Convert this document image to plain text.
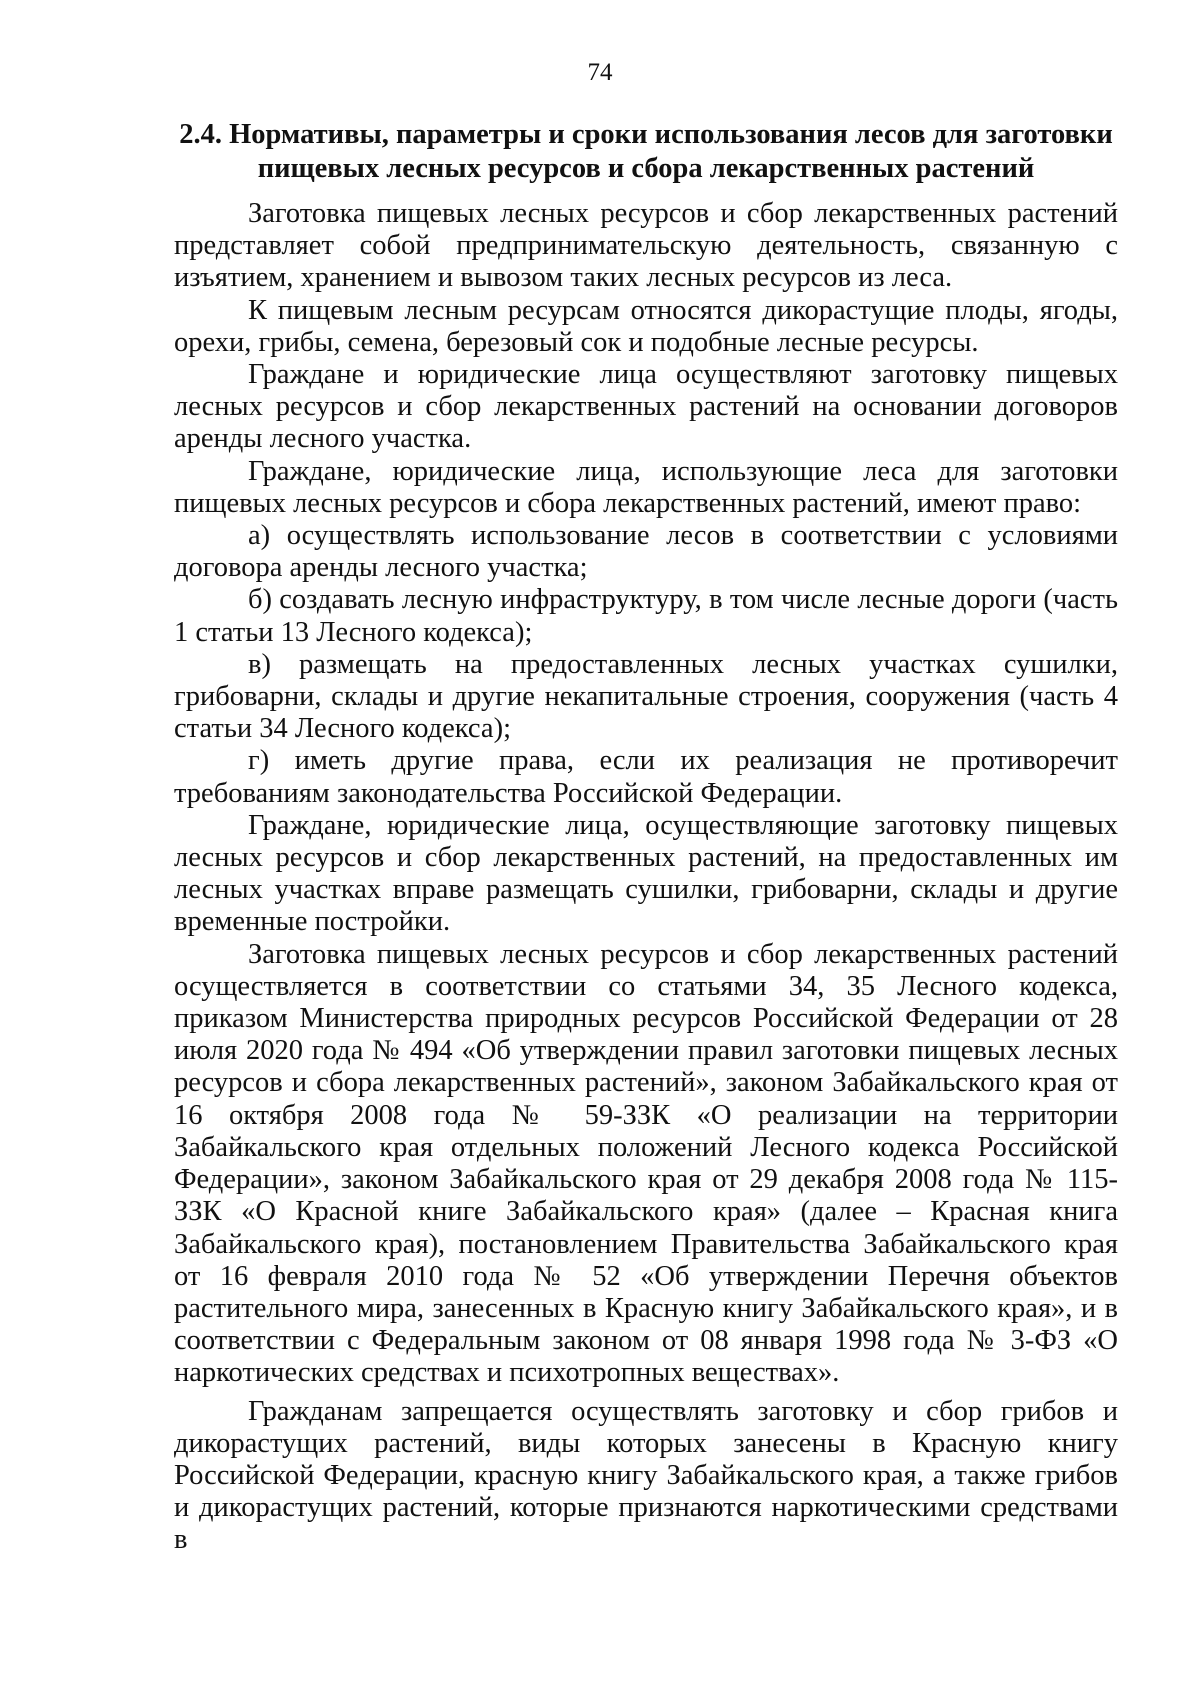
74
2.4. Нормативы, параметры и сроки использования лесов для заготовки
пищевых лесных ресурсов и сбора лекарственных растений

Заготовка пищевых лесных ресурсов и сбор лекарственных растений представляет собой предпринимательскую деятельность, связанную с изъятием, хранением и вывозом таких лесных ресурсов из леса.

К пищевым лесным ресурсам относятся дикорастущие плоды, ягоды, орехи, грибы, семена, березовый сок и подобные лесные ресурсы.

Граждане и юридические лица осуществляют заготовку пищевых лесных ресурсов и сбор лекарственных растений на основании договоров аренды лесного участка.

Граждане, юридические лица, использующие леса для заготовки пищевых лесных ресурсов и сбора лекарственных растений, имеют право:

а) осуществлять использование лесов в соответствии с условиями договора аренды лесного участка;

б) создавать лесную инфраструктуру, в том числе лесные дороги (часть 1 статьи 13 Лесного кодекса);

в) размещать на предоставленных лесных участках сушилки, грибоварни, склады и другие некапитальные строения, сооружения (часть 4 статьи 34 Лесного кодекса);

г) иметь другие права, если их реализация не противоречит требованиям законодательства Российской Федерации.

Граждане, юридические лица, осуществляющие заготовку пищевых лесных ресурсов и сбор лекарственных растений, на предоставленных им лесных участках вправе размещать сушилки, грибоварни, склады и другие временные постройки.

Заготовка пищевых лесных ресурсов и сбор лекарственных растений осуществляется в соответствии со статьями 34, 35 Лесного кодекса, приказом Министерства природных ресурсов Российской Федерации от 28 июля 2020 года № 494 «Об утверждении правил заготовки пищевых лесных ресурсов и сбора лекарственных растений», законом Забайкальского края от 16 октября 2008 года № 59-ЗЗК «О реализации на территории Забайкальского края отдельных положений Лесного кодекса Российской Федерации», законом Забайкальского края от 29 декабря 2008 года № 115-ЗЗК «О Красной книге Забайкальского края» (далее – Красная книга Забайкальского края), постановлением Правительства Забайкальского края от 16 февраля 2010 года № 52 «Об утверждении Перечня объектов растительного мира, занесенных в Красную книгу Забайкальского края», и в соответствии с Федеральным законом от 08 января 1998 года № 3-ФЗ «О наркотических средствах и психотропных веществах».

Гражданам запрещается осуществлять заготовку и сбор грибов и дикорастущих растений, виды которых занесены в Красную книгу Российской Федерации, красную книгу Забайкальского края, а также грибов и дикорастущих растений, которые признаются наркотическими средствами в
